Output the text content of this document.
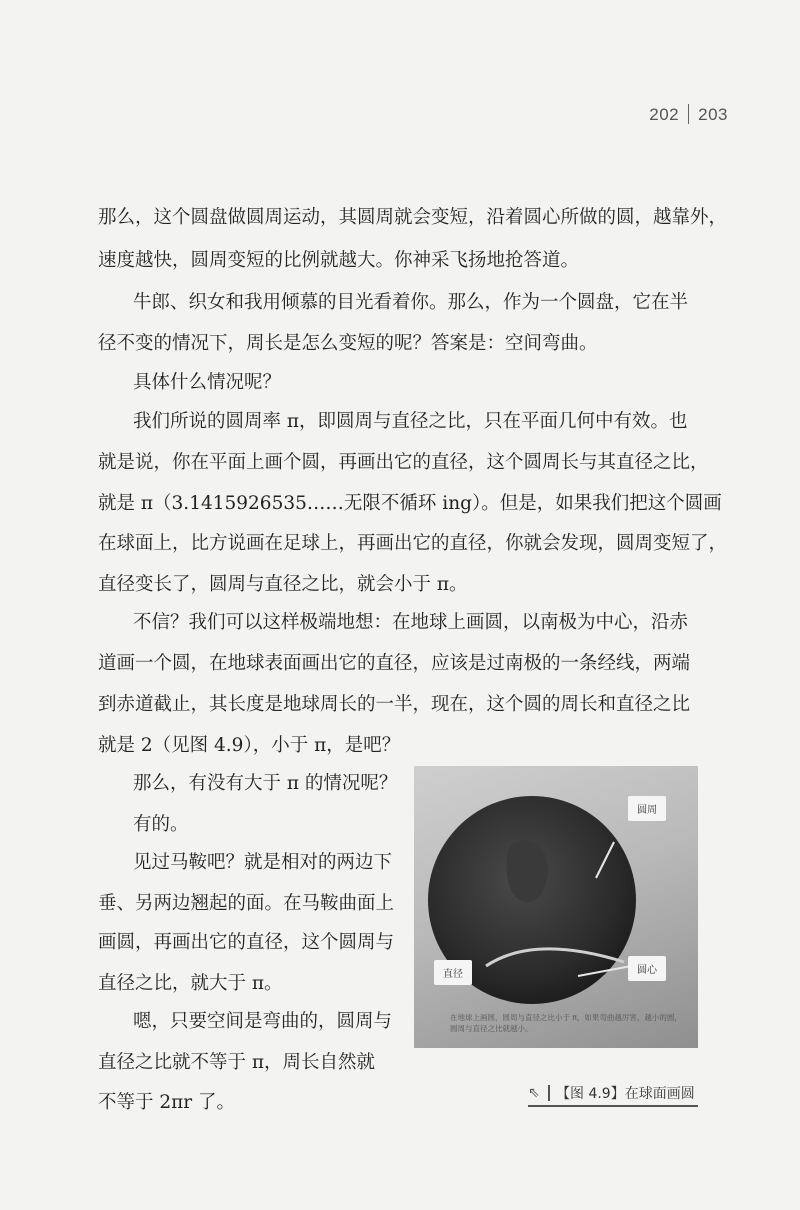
202 203
那么，这个圆盘做圆周运动，其圆周就会变短，沿着圆心所做的圆，越靠外，
速度越快，圆周变短的比例就越大。你神采飞扬地抢答道。
牛郎、织女和我用倾慕的目光看着你。那么，作为一个圆盘，它在半
径不变的情况下，周长是怎么变短的呢？答案是：空间弯曲。
具体什么情况呢？
我们所说的圆周率 π，即圆周与直径之比，只在平面几何中有效。也
就是说，你在平面上画个圆，再画出它的直径，这个圆周长与其直径之比，
就是 π（3.1415926535……无限不循环 ing）。但是，如果我们把这个圆画
在球面上，比方说画在足球上，再画出它的直径，你就会发现，圆周变短了，
直径变长了，圆周与直径之比，就会小于 π。
不信？我们可以这样极端地想：在地球上画圆，以南极为中心，沿赤
道画一个圆，在地球表面画出它的直径，应该是过南极的一条经线，两端
到赤道截止，其长度是地球周长的一半，现在，这个圆的周长和直径之比
就是 2（见图 4.9），小于 π，是吧？
那么，有没有大于 π 的情况呢？
有的。
见过马鞍吧？就是相对的两边下
垂、另两边翘起的面。在马鞍曲面上
画圆，再画出它的直径，这个圆周与
直径之比，就大于 π。
嗯，只要空间是弯曲的，圆周与
直径之比就不等于 π，周长自然就
不等于 2πr 了。
圆周
直径	圆心
在地球上画圆，圆周与直径之比小于 π，如果弯曲越厉害，越小的圆，圆周与直径之比就越小。
⇖	【图 4.9】在球面画圆
